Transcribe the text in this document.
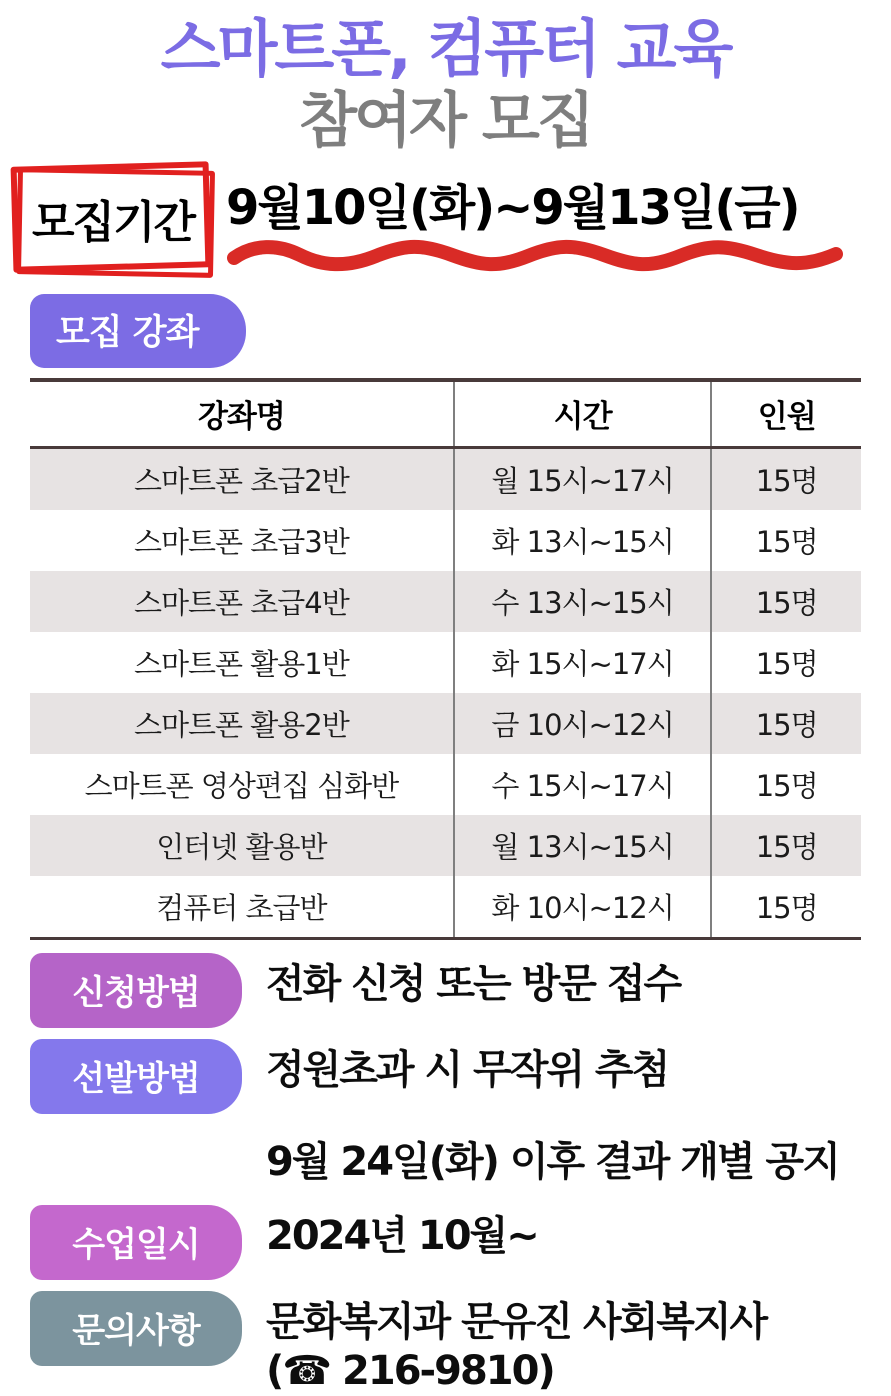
스마트폰, 컴퓨터 교육
참여자 모집
모집기간 9월10일(화)~9월13일(금)
모집 강좌
강좌명	시간	인원
스마트폰 초급2반	월 15시~17시	15명
스마트폰 초급3반	화 13시~15시	15명
스마트폰 초급4반	수 13시~15시	15명
스마트폰 활용1반	화 15시~17시	15명
스마트폰 활용2반	금 10시~12시	15명
스마트폰 영상편집 심화반	수 15시~17시	15명
인터넷 활용반	월 13시~15시	15명
컴퓨터 초급반	화 10시~12시	15명
신청방법	전화 신청 또는 방문 접수
선발방법	정원초과 시 무작위 추첨
9월 24일(화) 이후 결과 개별 공지
수업일시	2024년 10월~
문의사항	문화복지과 문유진 사회복지사
(☎ 216-9810)
